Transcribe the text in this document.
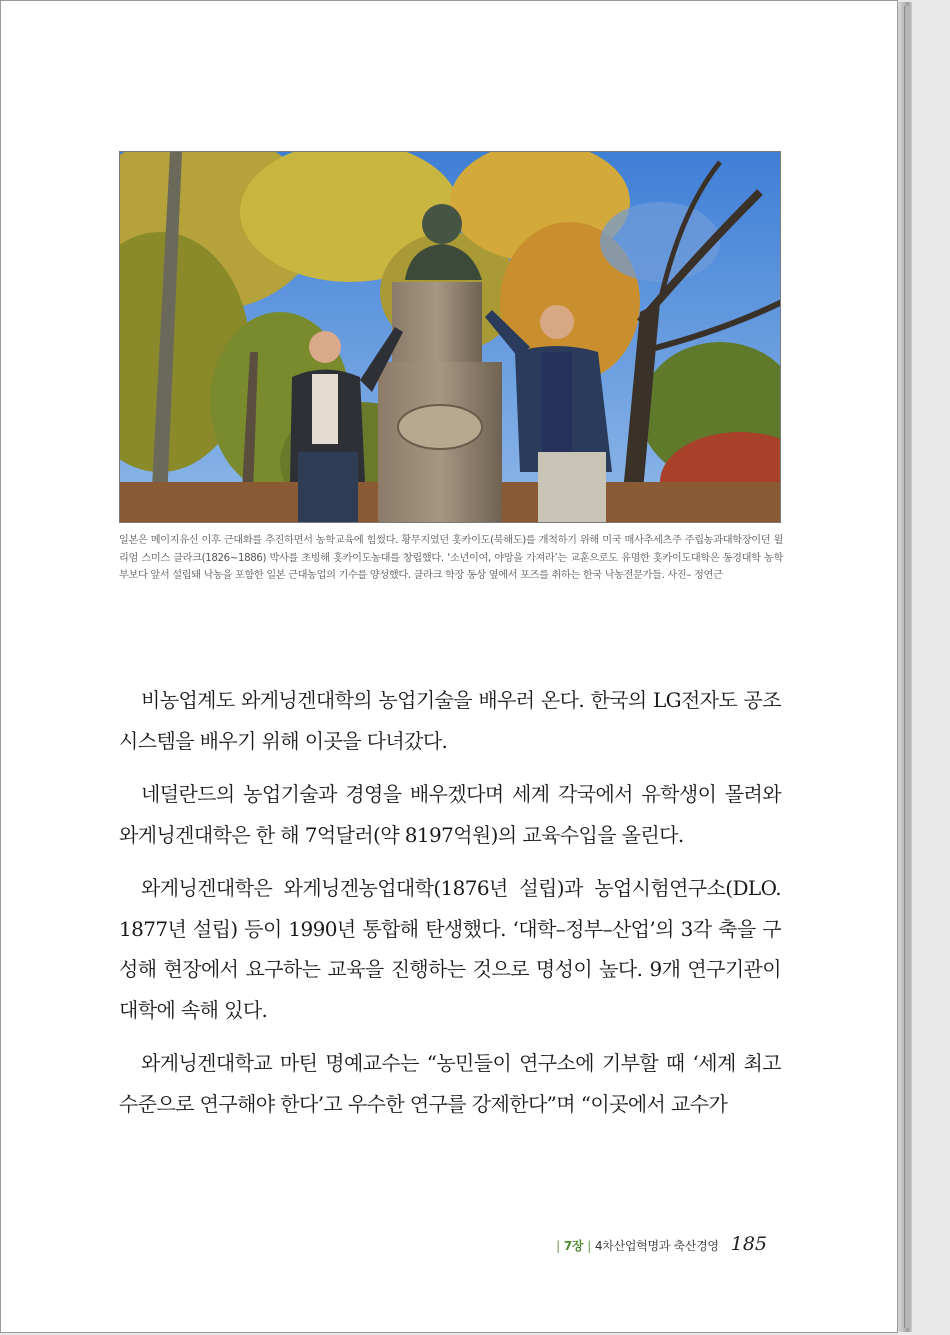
일본은 메이지유신 이후 근대화를 추진하면서 농학교육에 힘썼다. 황무지였던 홋카이도(북해도)를 개척하기 위해 미국 매사추세츠주 주립농과대학장이던 윌리엄 스미스 클라크(1826~1886) 박사를 초빙해 홋카이도농대를 창립했다. ‘소년이여, 야망을 가져라’는 교훈으로도 유명한 홋카이도대학은 동경대학 농학부보다 앞서 설립돼 낙농을 포함한 일본 근대농업의 기수를 양성했다. 클라크 학장 동상 옆에서 포즈를 취하는 한국 낙농전문가들. 사진– 정연근

비농업계도 와게닝겐대학의 농업기술을 배우러 온다. 한국의 LG전자도 공조시스템을 배우기 위해 이곳을 다녀갔다.

네덜란드의 농업기술과 경영을 배우겠다며 세계 각국에서 유학생이 몰려와 와게닝겐대학은 한 해 7억달러(약 8197억원)의 교육수입을 올린다.

와게닝겐대학은 와게닝겐농업대학(1876년 설립)과 농업시험연구소(DLO. 1877년 설립) 등이 1990년 통합해 탄생했다. ‘대학–정부–산업’의 3각 축을 구성해 현장에서 요구하는 교육을 진행하는 것으로 명성이 높다. 9개 연구기관이 대학에 속해 있다.

와게닝겐대학교 마틴 명예교수는 “농민들이 연구소에 기부할 때 ‘세계 최고 수준으로 연구해야 한다’고 우수한 연구를 강제한다”며 “이곳에서 교수가

| 7장 | 4차산업혁명과 축산경영 185
